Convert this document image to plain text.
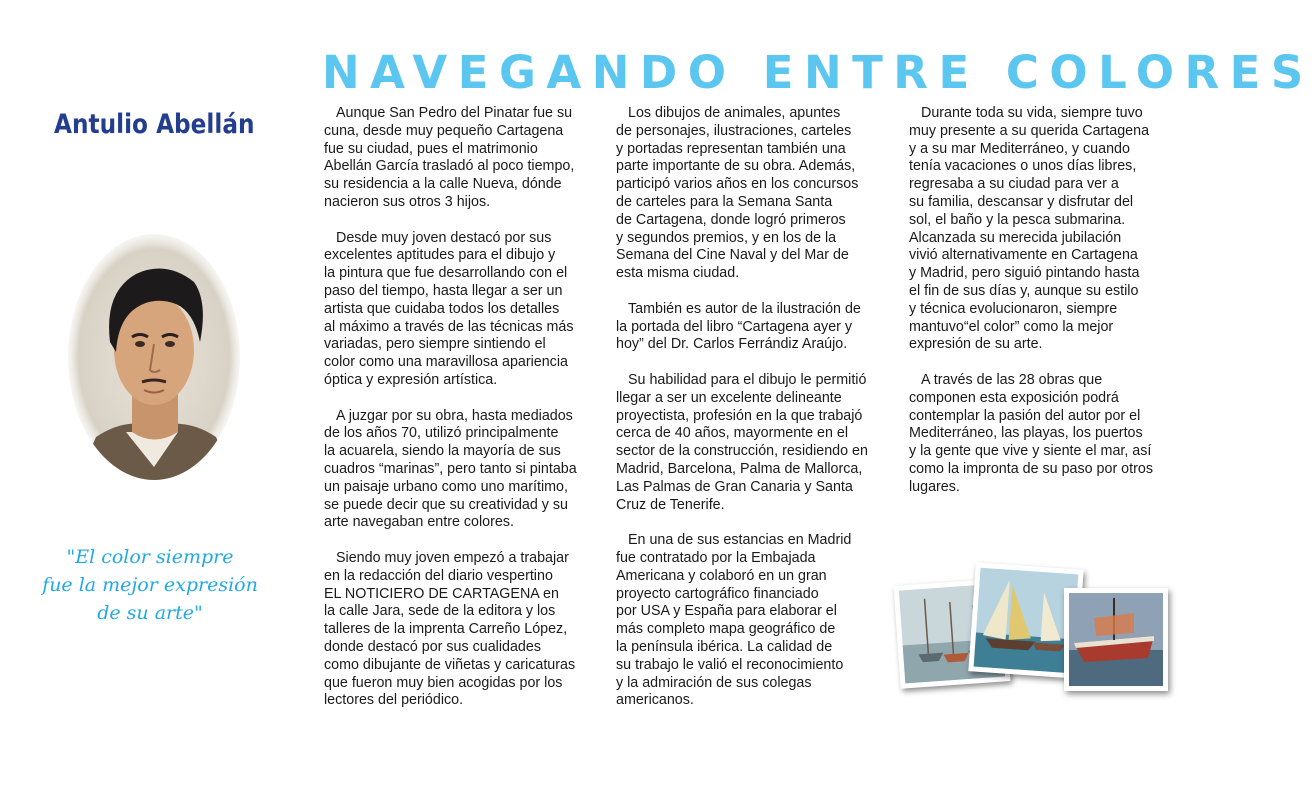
NAVEGANDO ENTRE COLORES
Antulio Abellán
"El color siempre
fue la mejor expresión
de su arte"

Aunque San Pedro del Pinatar fue su
cuna, desde muy pequeño Cartagena
fue su ciudad, pues el matrimonio
Abellán García trasladó al poco tiempo,
su residencia a la calle Nueva, dónde
nacieron sus otros 3 hijos.

Desde muy joven destacó por sus
excelentes aptitudes para el dibujo y
la pintura que fue desarrollando con el
paso del tiempo, hasta llegar a ser un
artista que cuidaba todos los detalles
al máximo a través de las técnicas más
variadas, pero siempre sintiendo el
color como una maravillosa apariencia
óptica y expresión artística.

A juzgar por su obra, hasta mediados
de los años 70, utilizó principalmente
la acuarela, siendo la mayoría de sus
cuadros “marinas”, pero tanto si pintaba
un paisaje urbano como uno marítimo,
se puede decir que su creatividad y su
arte navegaban entre colores.

Siendo muy joven empezó a trabajar
en la redacción del diario vespertino
EL NOTICIERO DE CARTAGENA en
la calle Jara, sede de la editora y los
talleres de la imprenta Carreño López,
donde destacó por sus cualidades
como dibujante de viñetas y caricaturas
que fueron muy bien acogidas por los
lectores del periódico.

Los dibujos de animales, apuntes
de personajes, ilustraciones, carteles
y portadas representan también una
parte importante de su obra. Además,
participó varios años en los concursos
de carteles para la Semana Santa
de Cartagena, donde logró primeros
y segundos premios, y en los de la
Semana del Cine Naval y del Mar de
esta misma ciudad.

También es autor de la ilustración de
la portada del libro “Cartagena ayer y
hoy” del Dr. Carlos Ferrándiz Araújo.

Su habilidad para el dibujo le permitió
llegar a ser un excelente delineante
proyectista, profesión en la que trabajó
cerca de 40 años, mayormente en el
sector de la construcción, residiendo en
Madrid, Barcelona, Palma de Mallorca,
Las Palmas de Gran Canaria y Santa
Cruz de Tenerife.

En una de sus estancias en Madrid
fue contratado por la Embajada
Americana y colaboró en un gran
proyecto cartográfico financiado
por USA y España para elaborar el
más completo mapa geográfico de
la península ibérica. La calidad de
su trabajo le valió el reconocimiento
y la admiración de sus colegas
americanos.

Durante toda su vida, siempre tuvo
muy presente a su querida Cartagena
y a su mar Mediterráneo, y cuando
tenía vacaciones o unos días libres,
regresaba a su ciudad para ver a
su familia, descansar y disfrutar del
sol, el baño y la pesca submarina.
Alcanzada su merecida jubilación
vivió alternativamente en Cartagena
y Madrid, pero siguió pintando hasta
el fin de sus días y, aunque su estilo
y técnica evolucionaron, siempre
mantuvo“el color” como la mejor
expresión de su arte.

A través de las 28 obras que
componen esta exposición podrá
contemplar la pasión del autor por el
Mediterráneo, las playas, los puertos
y la gente que vive y siente el mar, así
como la impronta de su paso por otros
lugares.
